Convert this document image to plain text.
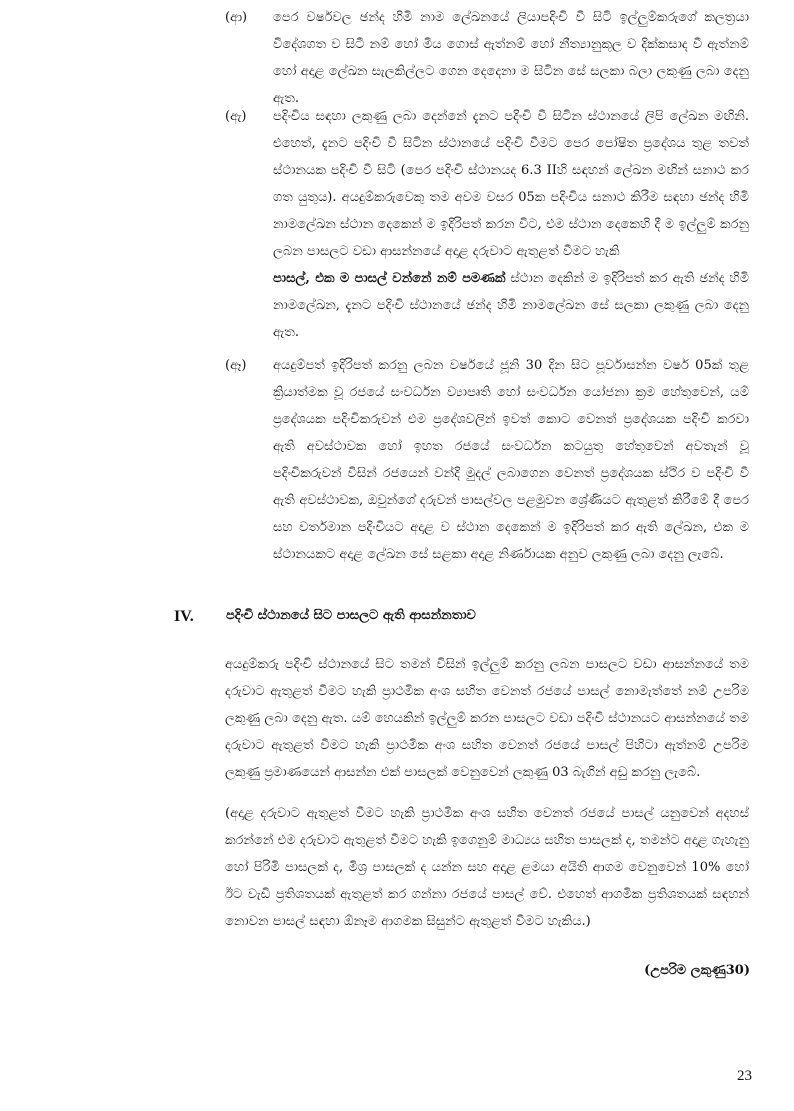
(ආ) පෙර වර්ෂවල ඡන්ද හිමි නාම ලේඛනයේ ලියාපදිංචි වී සිටි ඉල්ලුම්කරුගේ කලත්‍රයා විදේශගත ව සිටී නම් හෝ මිය ගොස් ඇත්නම් හෝ නීත්‍යානුකූල ව දික්කසාද වී ඇත්නම් හෝ අදාළ ලේඛන සැලකිල්ලට ගෙන දෙදෙනා ම සිටින සේ සලකා බලා ලකුණු ලබා දෙනු ඇත.
(ඇ) පදිංචිය සඳහා ලකුණු ලබා දෙන්නේ දැනට පදිංචි වී සිටින ස්ථානයේ ලිපි ලේඛන මඟිනි. එහෙත්, දැනට පදිංචි වී සිටින ස්ථානයේ පදිංචි වීමට පෙර පෝෂිත ප්‍රදේශය තුළ තවත් ස්ථානයක පදිංචි වී සිටි (පෙර පදිංචි ස්ථානයද 6.3 IIහි සඳහන් ලේඛන මඟින් සනාථ කර ගත යුතුය). අයදුම්කරුවෙකු තම අවම වසර 05ක පදිංචිය සනාථ කිරීම සඳහා ඡන්ද හිමි නාමලේඛන ස්ථාන දෙකෙන් ම ඉදිරිපත් කරන විට, එම ස්ථාන දෙකෙහි දී ම ඉල්ලුම් කරනු ලබන පාසලට වඩා ආසන්නයේ අදාළ දරුවාට ඇතුළත් වීමට හැකි
පාසල්, එක ම පාසල් වන්නේ නම් පමණක් ස්ථාන දෙකින් ම ඉදිරිපත් කර ඇති ඡන්ද හිමි නාමලේඛන, දැනට පදිංචි ස්ථානයේ ඡන්ද හිමි නාමලේඛන සේ සලකා ලකුණු ලබා දෙනු ඇත.
(ඈ) අයදුම්පත් ඉදිරිපත් කරනු ලබන වර්ෂයේ ජූනි 30 දින සිට පූර්වාසන්න වර්ෂ 05ක් තුළ ක්‍රියාත්මක වූ රජයේ සංවර්ධන ව්‍යාපෘති හෝ සංවර්ධන යෝජනා ක්‍රම හේතුවෙන්, යම් ප්‍රදේශයක පදිංචිකරුවන් එම ප්‍රදේශවලින් ඉවත් කොට වෙනත් ප්‍රදේශයක පදිංචි කරවා ඇති අවස්ථාවක හෝ ඉහත රජයේ සංවර්ධන කටයුතු හේතුවෙන් අවතැන් වූ පදිංචිකරුවන් විසින් රජයෙන් වන්දි මුදල් ලබාගෙන වෙනත් ප්‍රදේශයක ස්ථිර ව පදිංචි වී ඇති අවස්ථාවක, ඔවුන්ගේ දරුවන් පාසල්වල පළමුවන ශ්‍රේණියට ඇතුළත් කිරීමේ දී පෙර සහ වර්තමාන පදිංචියට අදාළ ව ස්ථාන දෙකෙන් ම ඉදිරිපත් කර ඇති ලේඛන, එක ම ස්ථානයකට අදාළ ලේඛන සේ සළකා අදාළ නිර්ණායක අනුව ලකුණු ලබා දෙනු ලැබේ.
IV. පදිංචි ස්ථානයේ සිට පාසලට ඇති ආසන්නතාව
අයදුම්කරු පදිංචි ස්ථානයේ සිට තමන් විසින් ඉල්ලුම් කරනු ලබන පාසලට වඩා ආසන්නයේ තම දරුවාට ඇතුළත් වීමට හැකි ප්‍රාථමික අංශ සහිත වෙනත් රජයේ පාසල් නොමැත්තේ නම් උපරිම ලකුණු ලබා දෙනු ඇත. යම් හෙයකින් ඉල්ලුම් කරන පාසලට වඩා පදිංචි ස්ථානයට ආසන්නයේ තම දරුවාට ඇතුළත් වීමට හැකි ප්‍රාථමික අංශ සහිත වෙනත් රජයේ පාසල් පිහිටා ඇත්නම් උපරිම ලකුණු ප්‍රමාණයෙන් ආසන්න එක් පාසලක් වෙනුවෙන් ලකුණු 03 බැගින් අඩු කරනු ලැබේ.
(අදාළ දරුවාට ඇතුළත් වීමට හැකි ප්‍රාථමික අංශ සහිත වෙනත් රජයේ පාසල් යනුවෙන් අදහස් කරන්නේ එම දරුවාට ඇතුළත් වීමට හැකි ඉගෙනුම් මාධ්‍යය සහිත පාසලක් ද, තමන්ට අදාළ ගැහැනු හෝ පිරිමි පාසලක් ද, මිශ්‍ර පාසලක් ද යන්න සහ අදාළ ළමයා අයිති ආගම වෙනුවෙන් 10% හෝ ඊට වැඩි ප්‍රතිශතයක් ඇතුළත් කර ගන්නා රජයේ පාසල් වේ. එහෙත් ආගමික ප්‍රතිශතයක් සඳහන් නොවන පාසල් සඳහා ඕනෑම ආගමක සිසුන්ට ඇතුළත් වීමට හැකිය.)
(උපරිම ලකුණු30)
23
